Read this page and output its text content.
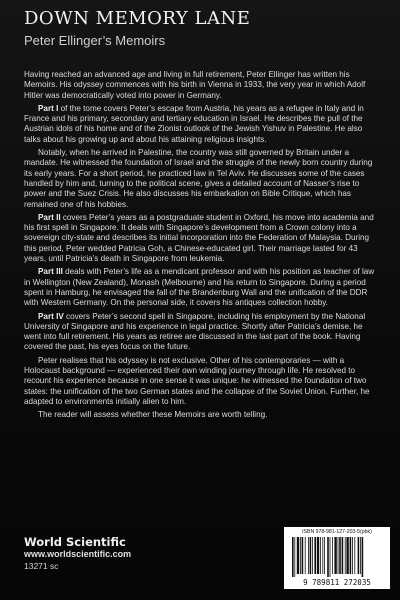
DOWN MEMORY LANE
Peter Ellinger’s Memoirs

Having reached an advanced age and living in full retirement, Peter Ellinger has written his Memoirs. His odyssey commences with his birth in Vienna in 1933, the very year in which Adolf Hitler was democratically voted into power in Germany.

Part I of the tome covers Peter’s escape from Austria, his years as a refugee in Italy and in France and his primary, secondary and tertiary education in Israel. He describes the pull of the Austrian idols of his home and of the Zionist outlook of the Jewish Yishuv in Palestine. He also talks about his growing up and about his attaining religious insights.

Notably, when he arrived in Palestine, the country was still governed by Britain under a mandate. He witnessed the foundation of Israel and the struggle of the newly born country during its early years. For a short period, he practiced law in Tel Aviv. He discusses some of the cases handled by him and, turning to the political scene, gives a detailed account of Nasser’s rise to power and the Suez Crisis. He also discusses his embarkation on Bible Critique, which has remained one of his hobbies.

Part II covers Peter’s years as a postgraduate student in Oxford, his move into academia and his first spell in Singapore. It deals with Singapore’s development from a Crown colony into a sovereign city-state and describes its initial incorporation into the Federation of Malaysia. During this period, Peter wedded Patricia Goh, a Chinese-educated girl. Their marriage lasted for 43 years, until Patricia’s death in Singapore from leukemia.

Part III deals with Peter’s life as a mendicant professor and with his position as teacher of law in Wellington (New Zealand), Monash (Melbourne) and his return to Singapore. During a period spent in Hamburg, he envisaged the fall of the Brandenburg Wall and the unification of the DDR with Western Germany. On the personal side, it covers his antiques collection hobby.

Part IV covers Peter’s second spell in Singapore, including his employment by the National University of Singapore and his experience in legal practice. Shortly after Patricia’s demise, he went into full retirement. His years as retiree are discussed in the last part of the book. Having covered the past, his eyes focus on the future.

Peter realises that his odyssey is not exclusive. Other of his contemporaries — with a Holocaust background — experienced their own winding journey through life. He resolved to recount his experience because in one sense it was unique: he witnessed the foundation of two states: the unification of the two German states and the collapse of the Soviet Union. Further, he adapted to environments initially alien to him.

The reader will assess whether these Memoirs are worth telling.

World Scientific
www.worldscientific.com
13271 sc
ISBN 978-981-127-203-5(pbk)
9 789811 272035
